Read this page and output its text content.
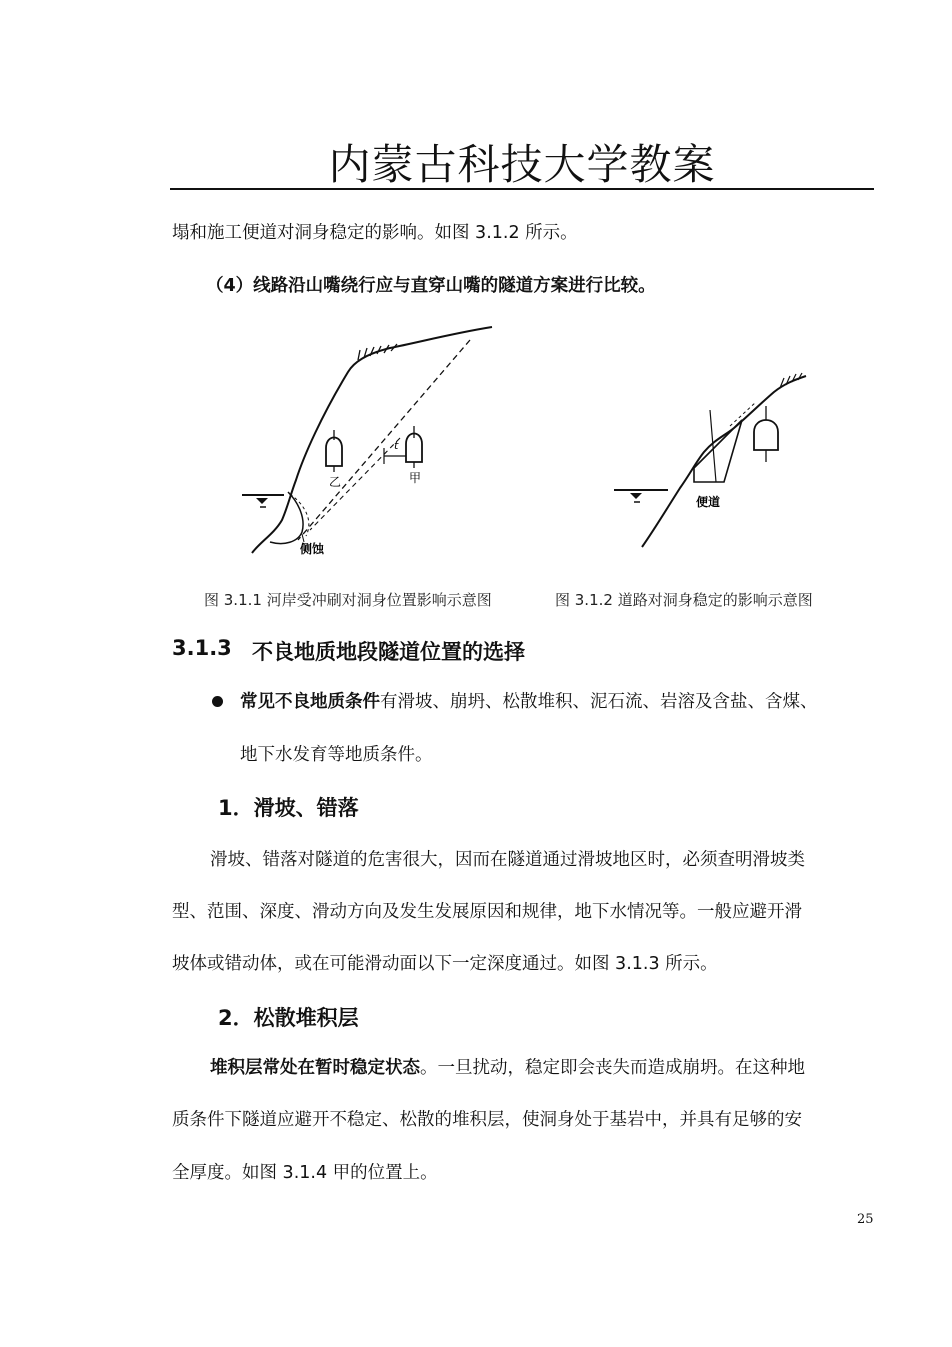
内蒙古科技大学教案
塌和施工便道对洞身稳定的影响。如图 3.1.2 所示。
（4）线路沿山嘴绕行应与直穿山嘴的隧道方案进行比较。
乙	甲
t
侧蚀
便道
图 3.1.1 河岸受冲刷对洞身位置影响示意图	图 3.1.2 道路对洞身稳定的影响示意图
3.1.3 不良地质地段隧道位置的选择
常见不良地质条件有滑坡、崩坍、松散堆积、泥石流、岩溶及含盐、含煤、
地下水发育等地质条件。
1．滑坡、错落
滑坡、错落对隧道的危害很大，因而在隧道通过滑坡地区时，必须查明滑坡类
型、范围、深度、滑动方向及发生发展原因和规律，地下水情况等。一般应避开滑
坡体或错动体，或在可能滑动面以下一定深度通过。如图 3.1.3 所示。
2．松散堆积层
堆积层常处在暂时稳定状态。一旦扰动，稳定即会丧失而造成崩坍。在这种地
质条件下隧道应避开不稳定、松散的堆积层，使洞身处于基岩中，并具有足够的安
全厚度。如图 3.1.4 甲的位置上。
25
